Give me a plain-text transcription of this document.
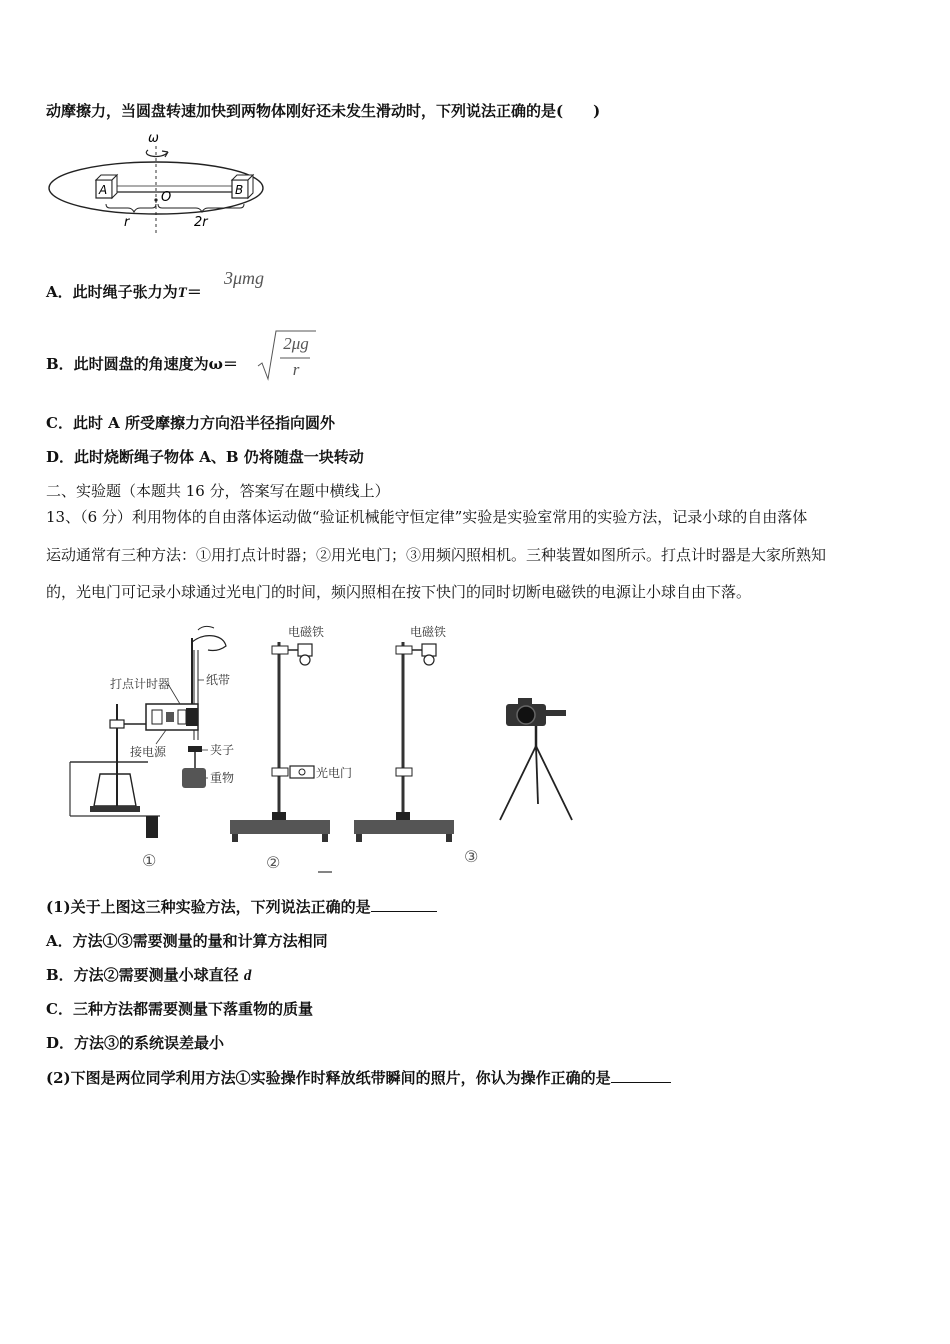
动摩擦力，当圆盘转速加快到两物体刚好还未发生滑动时，下列说法正确的是(　　)
ω
A	B
O
r	2r
A．此时绳子张力为T＝
3μmg
B．此时圆盘的角速度为ω＝
2μg
r
C．此时 A 所受摩擦力方向沿半径指向圆外
D．此时烧断绳子物体 A、B 仍将随盘一块转动
二、实验题（本题共 16 分，答案写在题中横线上）
13、（6 分）利用物体的自由落体运动做“验证机械能守恒定律”实验是实验室常用的实验方法，记录小球的自由落体
运动通常有三种方法：①用打点计时器；②用光电门；③用频闪照相机。三种装置如图所示。打点计时器是大家所熟知
的，光电门可记录小球通过光电门的时间，频闪照相在按下快门的同时切断电磁铁的电源让小球自由下落。
打点计时器	纸带
接电源	夹子
重物
①
电磁铁
光电门
②
电磁铁
③
(1)关于上图这三种实验方法，下列说法正确的是
A．方法①③需要测量的量和计算方法相同
B．方法②需要测量小球直径 d
C．三种方法都需要测量下落重物的质量
D．方法③的系统误差最小
(2)下图是两位同学利用方法①实验操作时释放纸带瞬间的照片，你认为操作正确的是
